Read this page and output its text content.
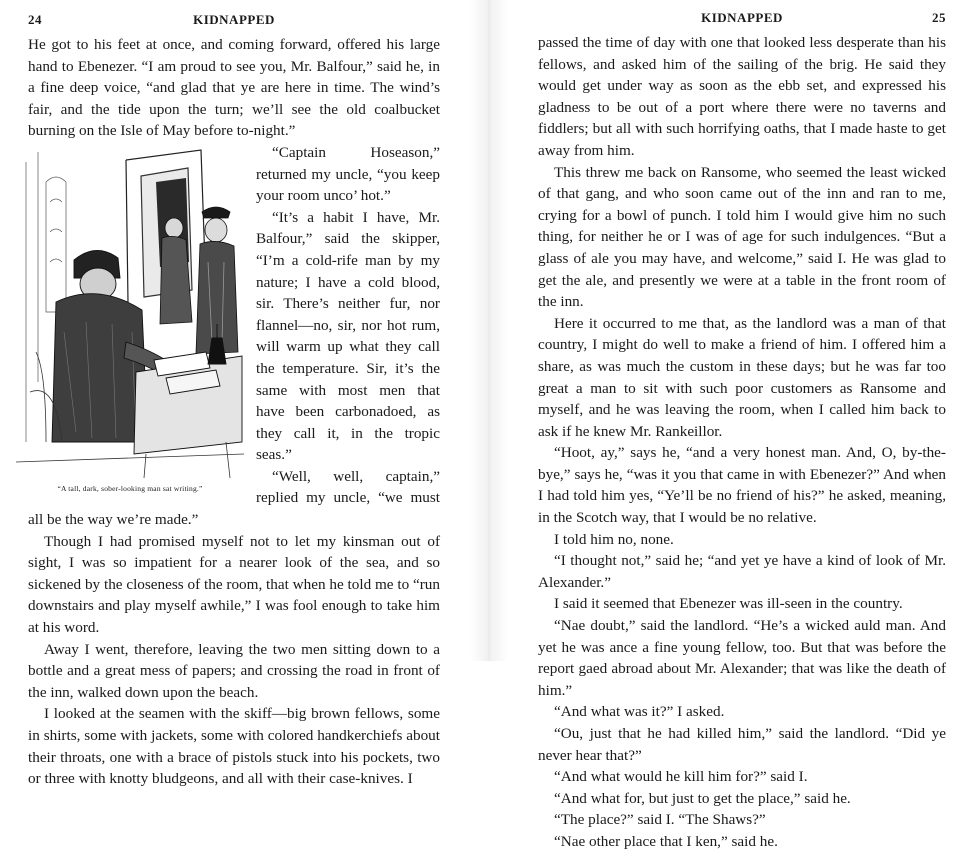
24	KIDNAPPED

He got to his feet at once, and coming forward, offered his large hand to Ebenezer. “I am proud to see you, Mr. Balfour,” said he, in a fine deep voice, “and glad that ye are here in time. The wind’s fair, and the tide upon the turn; we’ll see the old coalbucket burning on the Isle of May before to-night.”

“A tall, dark, sober-looking man sat writing.”

“Captain Hoseason,” returned my uncle, “you keep your room unco’ hot.”

“It’s a habit I have, Mr. Balfour,” said the skipper, “I’m a cold-rife man by my nature; I have a cold blood, sir. There’s neither fur, nor flannel—no, sir, nor hot rum, will warm up what they call the temperature. Sir, it’s the same with most men that have been carbonadoed, as they call it, in the tropic seas.”

“Well, well, captain,” replied my uncle, “we must all be the way we’re made.”

Though I had promised myself not to let my kinsman out of sight, I was so impatient for a nearer look of the sea, and so sickened by the closeness of the room, that when he told me to “run downstairs and play myself awhile,” I was fool enough to take him at his word.

Away I went, therefore, leaving the two men sitting down to a bottle and a great mess of papers; and crossing the road in front of the inn, walked down upon the beach.

I looked at the seamen with the skiff—big brown fellows, some in shirts, some with jackets, some with colored handkerchiefs about their throats, one with a brace of pistols stuck into his pockets, two or three with knotty bludgeons, and all with their case-knives. I

KIDNAPPED	25

passed the time of day with one that looked less desperate than his fellows, and asked him of the sailing of the brig. He said they would get under way as soon as the ebb set, and expressed his gladness to be out of a port where there were no taverns and fiddlers; but all with such horrifying oaths, that I made haste to get away from him.

This threw me back on Ransome, who seemed the least wicked of that gang, and who soon came out of the inn and ran to me, crying for a bowl of punch. I told him I would give him no such thing, for neither he or I was of age for such indulgences. “But a glass of ale you may have, and welcome,” said I. He was glad to get the ale, and presently we were at a table in the front room of the inn.

Here it occurred to me that, as the landlord was a man of that country, I might do well to make a friend of him. I offered him a share, as was much the custom in these days; but he was far too great a man to sit with such poor customers as Ransome and myself, and he was leaving the room, when I called him back to ask if he knew Mr. Rankeillor.

“Hoot, ay,” says he, “and a very honest man. And, O, by-the-bye,” says he, “was it you that came in with Ebenezer?” And when I had told him yes, “Ye’ll be no friend of his?” he asked, meaning, in the Scotch way, that I would be no relative.

I told him no, none.

“I thought not,” said he; “and yet ye have a kind of look of Mr. Alexander.”

I said it seemed that Ebenezer was ill-seen in the country.

“Nae doubt,” said the landlord. “He’s a wicked auld man. And yet he was ance a fine young fellow, too. But that was before the report gaed abroad about Mr. Alexander; that was like the death of him.”

“And what was it?” I asked.

“Ou, just that he had killed him,” said the landlord. “Did ye never hear that?”

“And what would he kill him for?” said I.

“And what for, but just to get the place,” said he.

“The place?” said I. “The Shaws?”

“Nae other place that I ken,” said he.
